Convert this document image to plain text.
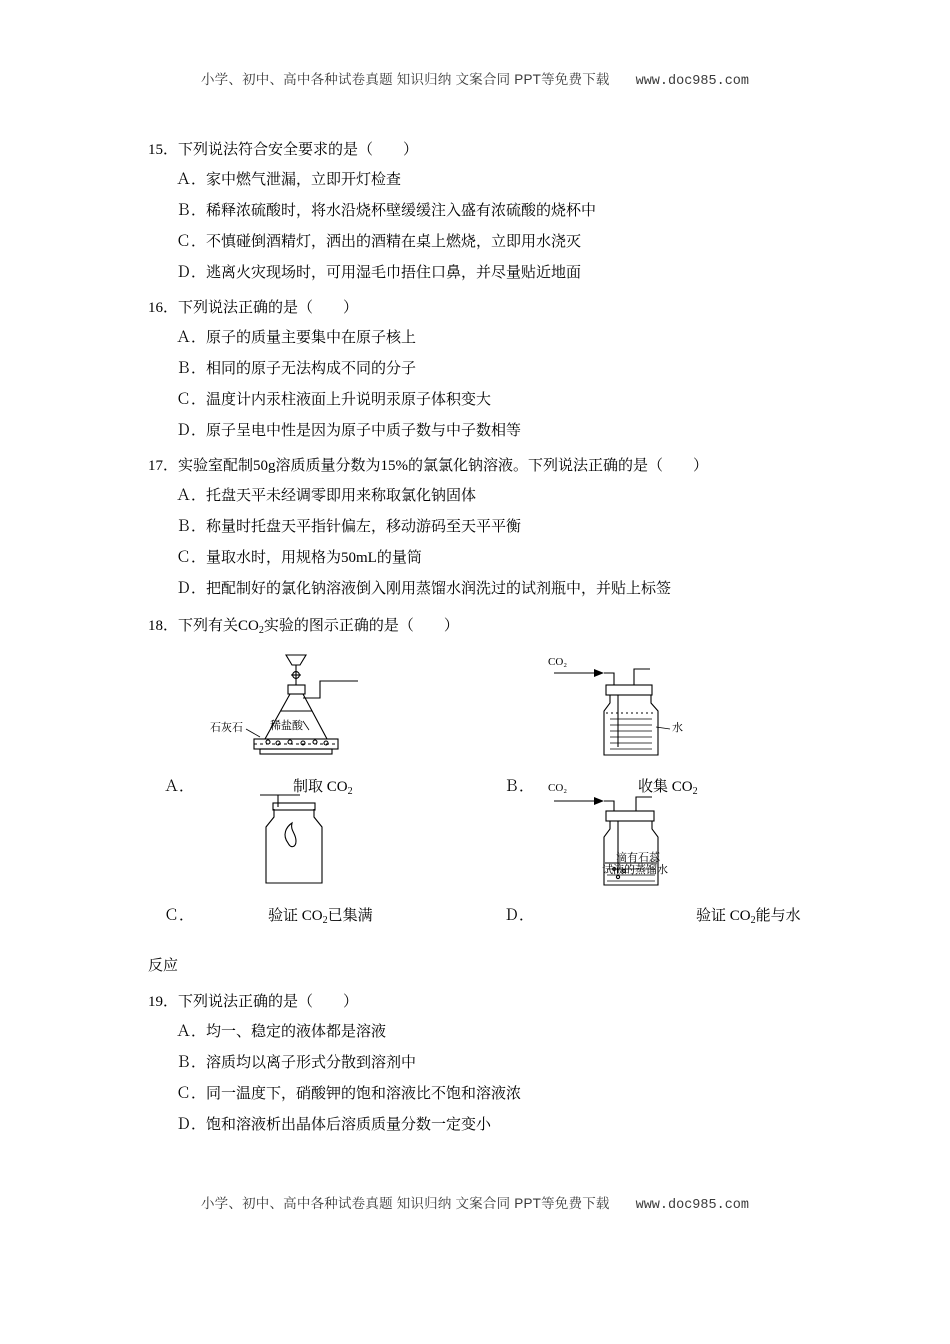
小学、初中、高中各种试卷真题 知识归纳 文案合同 PPT等免费下载 www.doc985.com
15．下列说法符合安全要求的是（　　）
Ａ．家中燃气泄漏，立即开灯检查
Ｂ．稀释浓硫酸时，将水沿烧杯壁缓缓注入盛有浓硫酸的烧杯中
Ｃ．不慎碰倒酒精灯，洒出的酒精在桌上燃烧，立即用水浇灭
Ｄ．逃离火灾现场时，可用湿毛巾捂住口鼻，并尽量贴近地面
16．下列说法正确的是（　　）
Ａ．原子的质量主要集中在原子核上
Ｂ．相同的原子无法构成不同的分子
Ｃ．温度计内汞柱液面上升说明汞原子体积变大
Ｄ．原子呈电中性是因为原子中质子数与中子数相等
17．实验室配制50g溶质质量分数为15%的氯氯化钠溶液。下列说法正确的是（　　）
Ａ．托盘天平未经调零即用来称取氯化钠固体
Ｂ．称量时托盘天平指针偏左，移动游码至天平平衡
Ｃ．量取水时，用规格为50mL的量筒
Ｄ．把配制好的氯化钠溶液倒入刚用蒸馏水润洗过的试剂瓶中，并贴上标签
18．下列有关$CO_2$实验的图示正确的是（　　）
石灰石 稀盐酸
Ａ．	制取 $CO_2$
CO₂
水
Ｂ．	收集 $CO_2$
Ｃ．	验证 $CO_2$已集满
CO₂
滴有石蕊
试液的蒸馏水
Ｄ．	验证 $CO_2$能与水
反应
19．下列说法正确的是（　　）
Ａ．均一、稳定的液体都是溶液
Ｂ．溶质均以离子形式分散到溶剂中
Ｃ．同一温度下，硝酸钾的饱和溶液比不饱和溶液浓
Ｄ．饱和溶液析出晶体后溶质质量分数一定变小
小学、初中、高中各种试卷真题 知识归纳 文案合同 PPT等免费下载 www.doc985.com
